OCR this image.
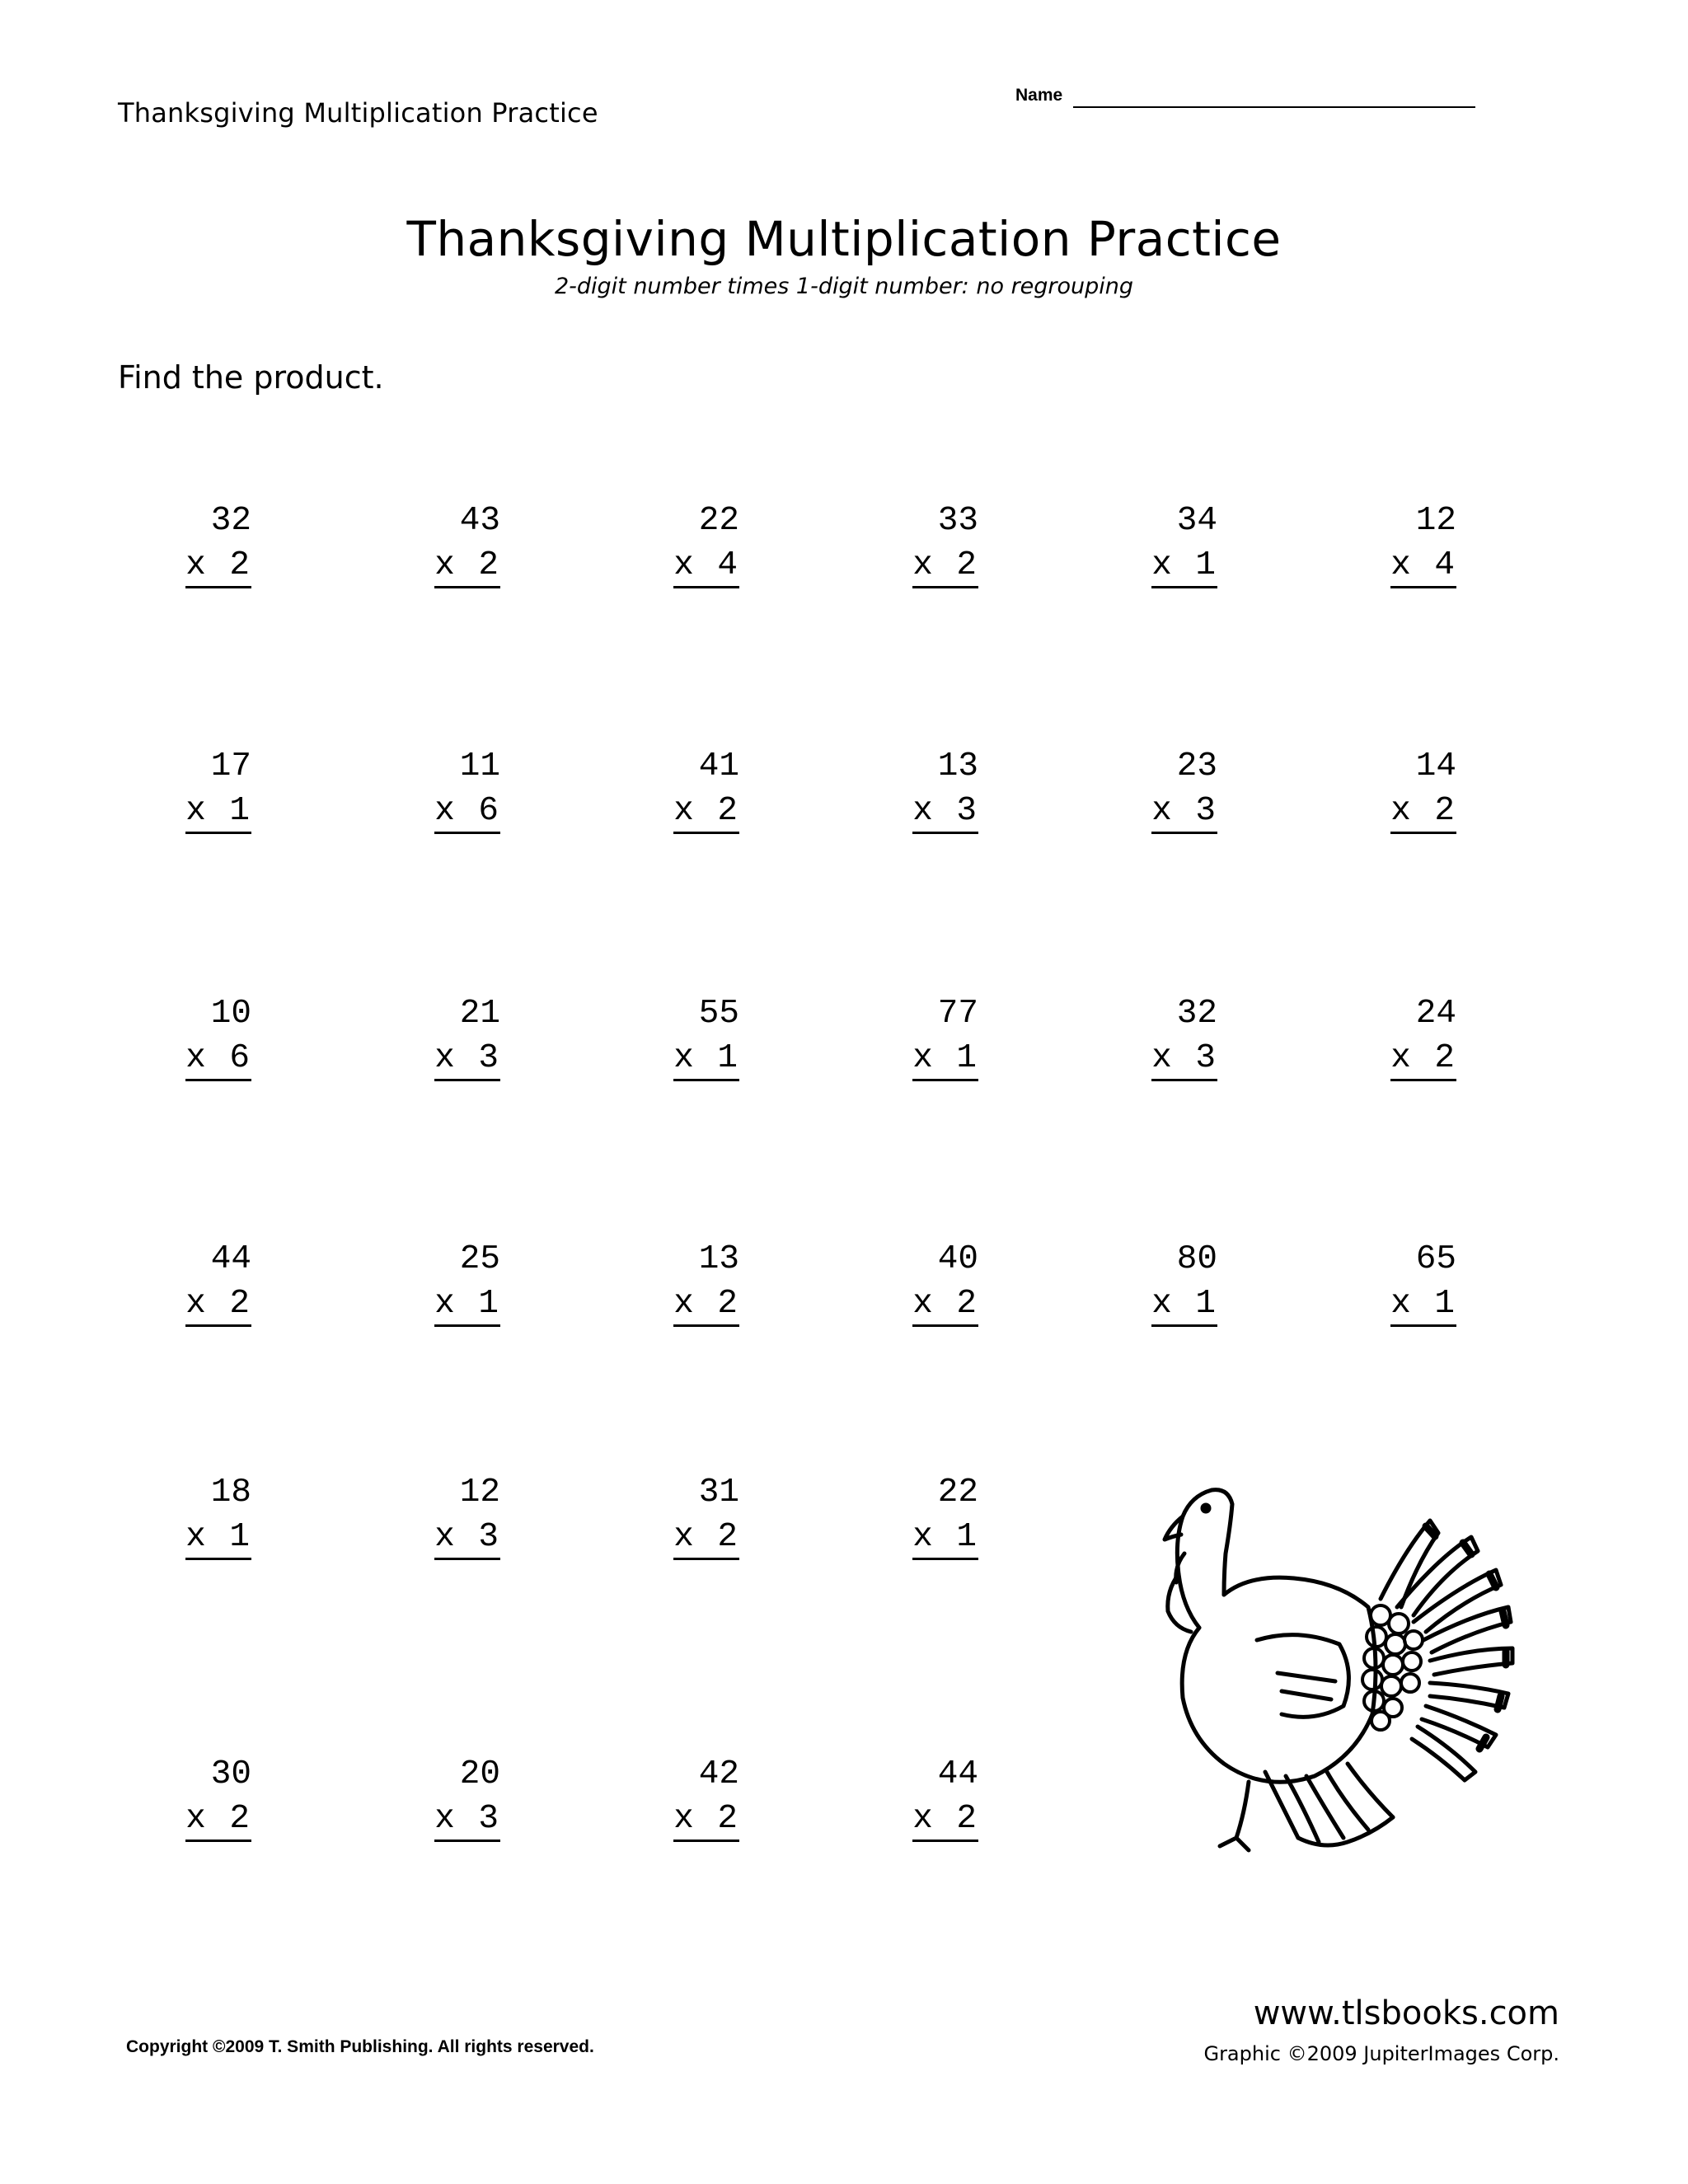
Thanksgiving Multiplication Practice
Name
Thanksgiving Multiplication Practice
2-digit number times 1-digit number: no regrouping
Find the product.
32
x 2
43
x 2
22
x 4
33
x 2
34
x 1
12
x 4
17
x 1
11
x 6
41
x 2
13
x 3
23
x 3
14
x 2
10
x 6
21
x 3
55
x 1
77
x 1
32
x 3
24
x 2
44
x 2
25
x 1
13
x 2
40
x 2
80
x 1
65
x 1
18
x 1
12
x 3
31
x 2
22
x 1
30
x 2
20
x 3
42
x 2
44
x 2
www.tlsbooks.com
Graphic ©2009 JupiterImages Corp.
Copyright ©2009 T. Smith Publishing. All rights reserved.
